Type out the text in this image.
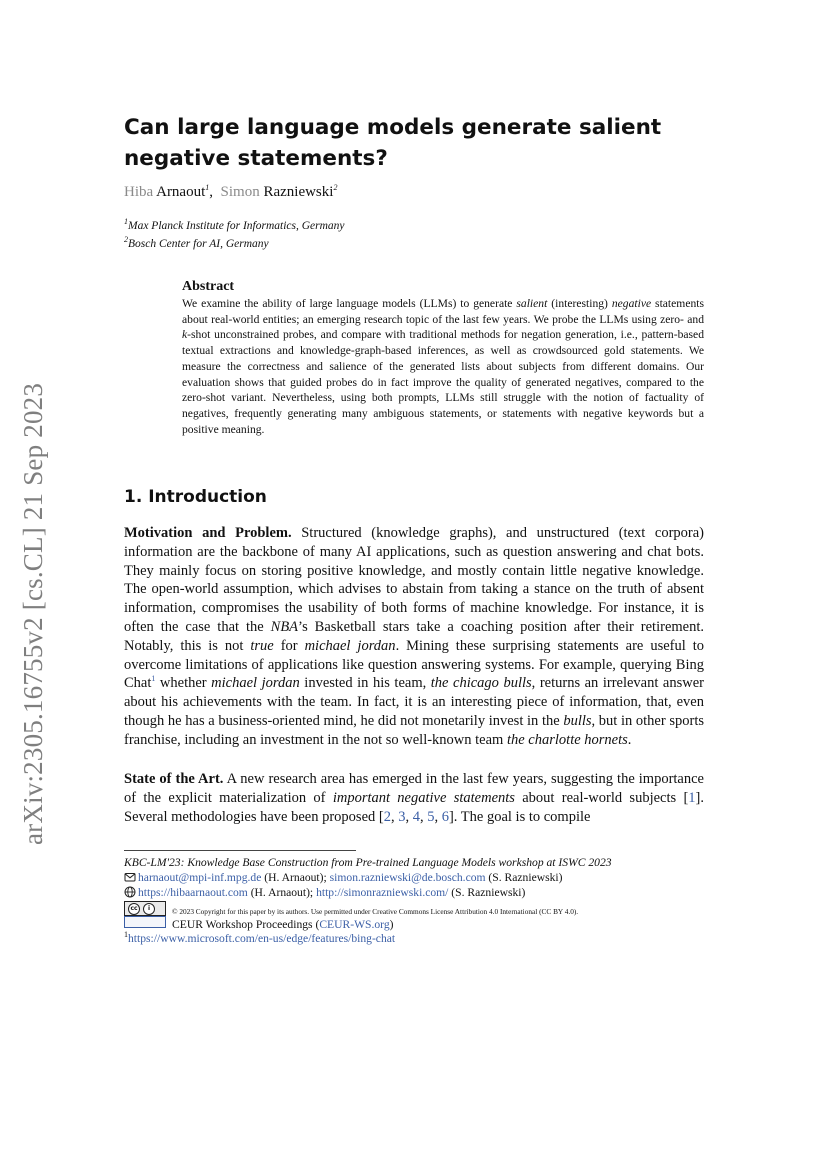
arXiv:2305.16755v2 [cs.CL] 21 Sep 2023
Can large language models generate salient negative statements?
Hiba Arnaout$^1$,  Simon Razniewski$^2$
$^1$Max Planck Institute for Informatics, Germany
$^2$Bosch Center for AI, Germany
Abstract
We examine the ability of large language models (LLMs) to generate salient (interesting) negative statements about real-world entities; an emerging research topic of the last few years. We probe the LLMs using zero- and k-shot unconstrained probes, and compare with traditional methods for negation generation, i.e., pattern-based textual extractions and knowledge-graph-based inferences, as well as crowdsourced gold statements. We measure the correctness and salience of the generated lists about subjects from different domains. Our evaluation shows that guided probes do in fact improve the quality of generated negatives, compared to the zero-shot variant. Nevertheless, using both prompts, LLMs still struggle with the notion of factuality of negatives, frequently generating many ambiguous statements, or statements with negative keywords but a positive meaning.
1. Introduction
Motivation and Problem. Structured (knowledge graphs), and unstructured (text corpora) information are the backbone of many AI applications, such as question answering and chat bots. They mainly focus on storing positive knowledge, and mostly contain little negative knowledge. The open-world assumption, which advises to abstain from taking a stance on the truth of absent information, compromises the usability of both forms of machine knowledge. For instance, it is often the case that the NBA’s Basketball stars take a coaching position after their retirement. Notably, this is not true for michael jordan. Mining these surprising statements are useful to overcome limitations of applications like question answering systems. For example, querying Bing Chat$^1$ whether michael jordan invested in his team, the chicago bulls, returns an irrelevant answer about his achievements with the team. In fact, it is an interesting piece of information, that, even though he has a business-oriented mind, he did not monetarily invest in the bulls, but in other sports franchise, including an investment in the not so well-known team the charlotte hornets.
State of the Art. A new research area has emerged in the last few years, suggesting the importance of the explicit materialization of important negative statements about real-world subjects [1]. Several methodologies have been proposed [2, 3, 4, 5, 6]. The goal is to compile
KBC-LM'23: Knowledge Base Construction from Pre-trained Language Models workshop at ISWC 2023
harnaout@mpi-inf.mpg.de (H. Arnaout); simon.razniewski@de.bosch.com (S. Razniewski)
https://hibaarnaout.com (H. Arnaout); http://simonrazniewski.com/ (S. Razniewski)
cc	i	© 2023 Copyright for this paper by its authors. Use permitted under Creative Commons License Attribution 4.0 International (CC BY 4.0).
CEUR Workshop Proceedings (CEUR-WS.org)
$^1$https://www.microsoft.com/en-us/edge/features/bing-chat
